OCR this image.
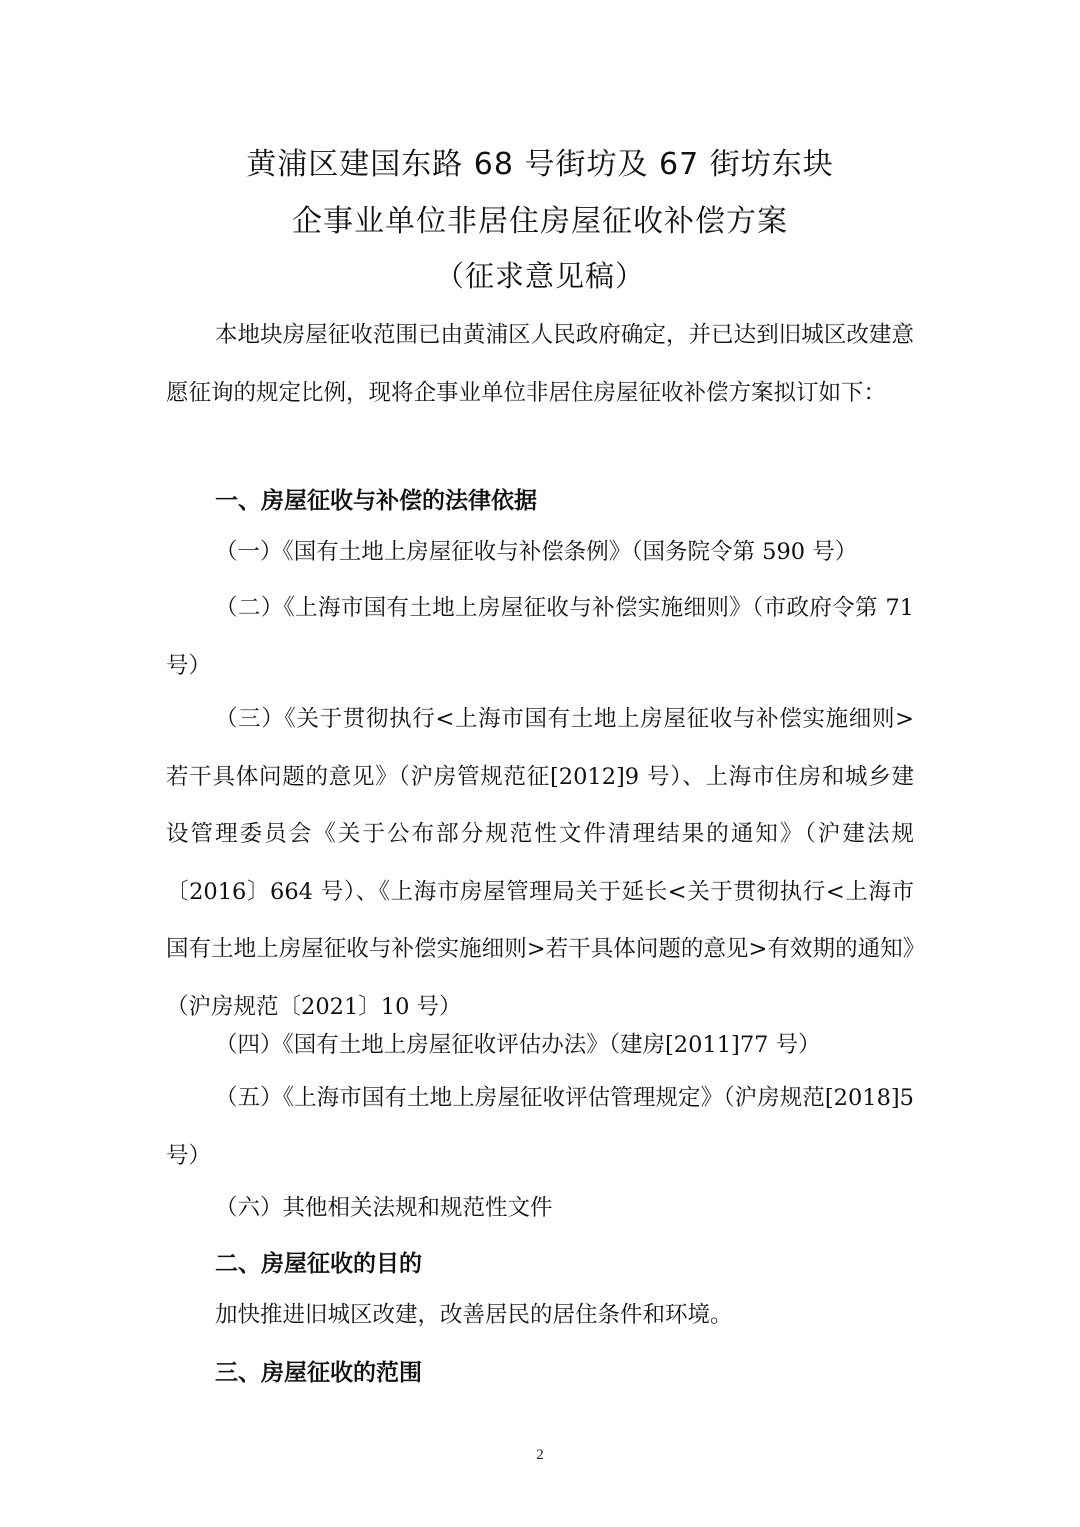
黄浦区建国东路 68 号街坊及 67 街坊东块
企事业单位非居住房屋征收补偿方案
（征求意见稿）
本地块房屋征收范围已由黄浦区人民政府确定，并已达到旧城区改建意愿征询的规定比例，现将企事业单位非居住房屋征收补偿方案拟订如下：
一、房屋征收与补偿的法律依据
（一）《国有土地上房屋征收与补偿条例》（国务院令第 590 号）
（二）《上海市国有土地上房屋征收与补偿实施细则》（市政府令第 71 号）
（三）《关于贯彻执行<上海市国有土地上房屋征收与补偿实施细则>若干具体问题的意见》（沪房管规范征[2012]9 号）、上海市住房和城乡建设管理委员会《关于公布部分规范性文件清理结果的通知》（沪建法规〔2016〕664 号）、《上海市房屋管理局关于延长<关于贯彻执行<上海市国有土地上房屋征收与补偿实施细则>若干具体问题的意见>有效期的通知》（沪房规范〔2021〕10 号）
（四）《国有土地上房屋征收评估办法》（建房[2011]77 号）
（五）《上海市国有土地上房屋征收评估管理规定》（沪房规范[2018]5 号）
（六）其他相关法规和规范性文件
二、房屋征收的目的
加快推进旧城区改建，改善居民的居住条件和环境。
三、房屋征收的范围
2
